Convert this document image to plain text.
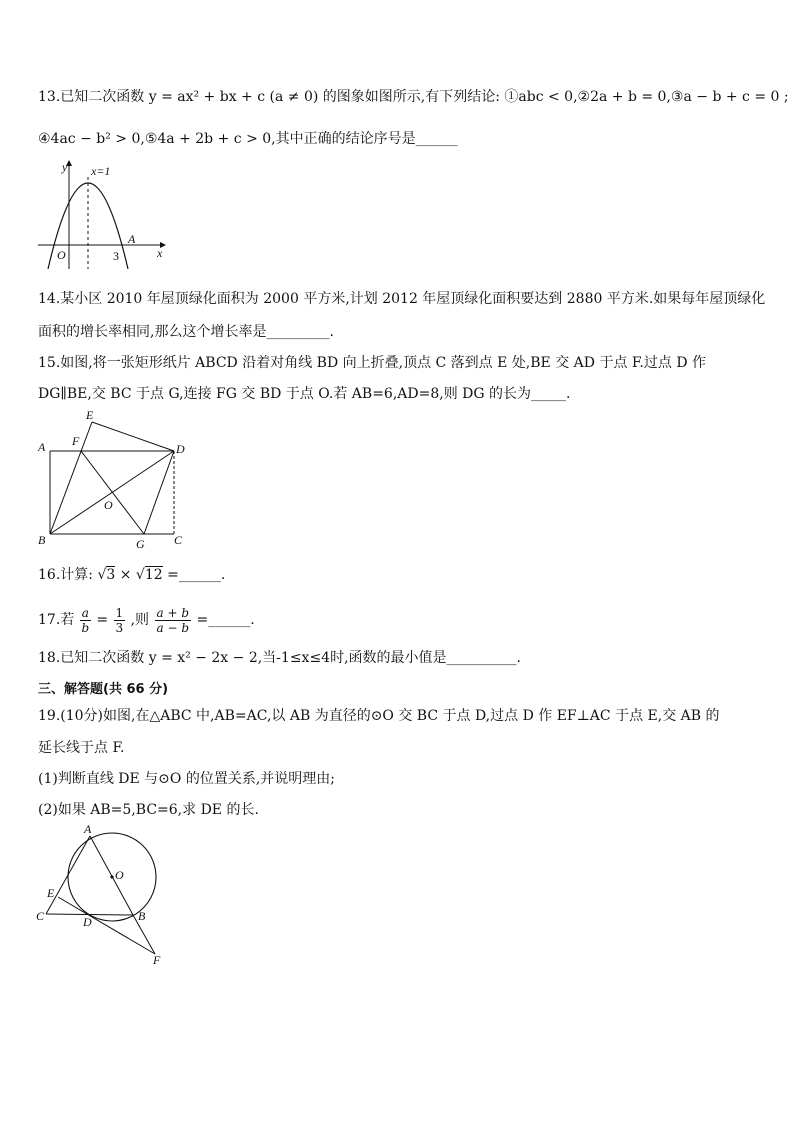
13.已知二次函数 y = ax² + bx + c (a ≠ 0) 的图象如图所示,有下列结论: ①abc < 0,②2a + b = 0,③a − b + c = 0 ;
④4ac − b² > 0,⑤4a + 2b + c > 0,其中正确的结论序号是______
y x=1
O
A
3	x
14.某小区 2010 年屋顶绿化面积为 2000 平方米,计划 2012 年屋顶绿化面积要达到 2880 平方米.如果每年屋顶绿化
面积的增长率相同,那么这个增长率是_________.
15.如图,将一张矩形纸片 ABCD 沿着对角线 BD 向上折叠,顶点 C 落到点 E 处,BE 交 AD 于点 F.过点 D 作
DG∥BE,交 BC 于点 G,连接 FG 交 BD 于点 O.若 AB=6,AD=8,则 DG 的长为_____.
A
B	C
D
E
F
G
O
16.计算: √3 × √12 =______.
17.若 $\frac{a}{b} = \frac{1}{3}$ ,则 $\frac{a + b}{a - b}$ =______.
18.已知二次函数 y = x² − 2x − 2,当-1≤x≤4时,函数的最小值是__________.
三、解答题(共 66 分)
19.(10分)如图,在△ABC 中,AB=AC,以 AB 为直径的⊙O 交 BC 于点 D,过点 D 作 EF⊥AC 于点 E,交 AB 的
延长线于点 F.
(1)判断直线 DE 与⊙O 的位置关系,并说明理由;
(2)如果 AB=5,BC=6,求 DE 的长.
A
O
E
C	D	B
F
